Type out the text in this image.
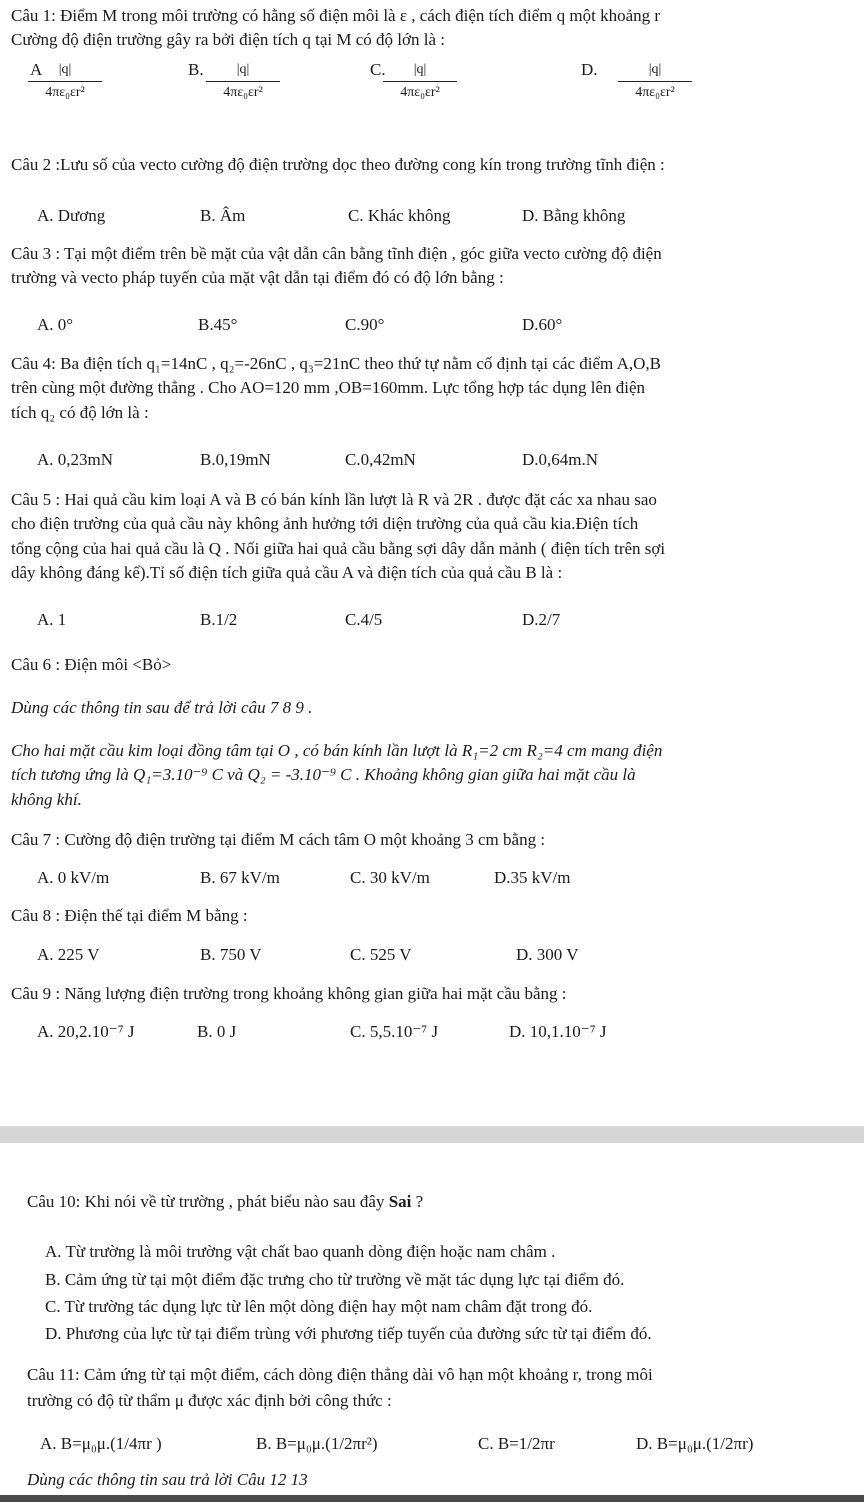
Câu 1: Điểm M trong môi trường có hằng số điện môi là ε , cách điện tích điểm q một khoảng r
Cường độ điện trường gây ra bởi điện tích q tại M có độ lớn là :
A
$\frac{|q|}{\text{4πε₀εr²}}$	B.
$\frac{|q|}{\text{4πε₀εr²}}$	C.
$\frac{|q|}{\text{4πε₀εr²}}$	D. $\frac{|q|}{\text{4πε₀εr²}}$
Câu 2 :Lưu số của vecto cường độ điện trường dọc theo đường cong kín trong trường tĩnh điện :
A. Dương	B. Âm	C. Khác không	D. Bằng không
Câu 3 : Tại một điểm trên bề mặt của vật dẫn cân bằng tĩnh điện , góc giữa vecto cường độ điện
trường và vecto pháp tuyến của mặt vật dẫn tại điểm đó có độ lớn bằng :
A. 0°	B.45°	C.90°	D.60°
Câu 4: Ba điện tích q₁=14nC , q₂=-26nC , q₃=21nC theo thứ tự nằm cố định tại các điểm A,O,B
trên cùng một đường thẳng . Cho AO=120 mm ,OB=160mm. Lực tổng hợp tác dụng lên điện
tích q₂ có độ lớn là :
A. 0,23mN	B.0,19mN	C.0,42mN	D.0,64m.N
Câu 5 : Hai quả cầu kim loại A và B có bán kính lần lượt là R và 2R . được đặt các xa nhau sao
cho điện trường của quả cầu này không ảnh hưởng tới diện trường của quả cầu kia.Điện tích
tổng cộng của hai quả cầu là Q . Nối giữa hai quả cầu bằng sợi dây dẫn mảnh ( điện tích trên sợi
dây không đáng kể).Tỉ số điện tích giữa quả cầu A và điện tích của quả cầu B là :
A. 1	B.1/2	C.4/5	D.2/7
Câu 6 : Điện môi <Bỏ>
Dùng các thông tin sau để trả lời câu 7 8 9 .
Cho hai mặt cầu kim loại đồng tâm tại O , có bán kính lần lượt là R₁=2 cm R₂=4 cm mang điện
tích tương ứng là Q₁=3.10⁻⁹ C và Q₂ = -3.10⁻⁹ C . Khoảng không gian giữa hai mặt cầu là
không khí.
Câu 7 : Cường độ điện trường tại điểm M cách tâm O một khoảng 3 cm bằng :
A. 0 kV/m	B. 67 kV/m	C. 30 kV/m	D.35 kV/m
Câu 8 : Điện thế tại điểm M bằng :
A. 225 V	B. 750 V	C. 525 V	D. 300 V
Câu 9 : Năng lượng điện trường trong khoảng không gian giữa hai mặt cầu bằng :
A. 20,2.10⁻⁷ J	B. 0 J	C. 5,5.10⁻⁷ J	D. 10,1.10⁻⁷ J
Câu 10: Khi nói về từ trường , phát biểu nào sau đây Sai ?
A. Từ trường là môi trường vật chất bao quanh dòng điện hoặc nam châm .
B. Cảm ứng từ tại một điểm đặc trưng cho từ trường về mặt tác dụng lực tại điểm đó.
C. Từ trường tác dụng lực từ lên một dòng điện hay một nam châm đặt trong đó.
D. Phương của lực từ tại điểm trùng với phương tiếp tuyến của đường sức từ tại điểm đó.
Câu 11: Cảm ứng từ tại một điểm, cách dòng điện thẳng dài vô hạn một khoảng r, trong môi
trường có độ từ thẩm μ được xác định bởi công thức :
A. B=μ₀μ.(1/4πr )	B. B=μ₀μ.(1/2πr²)	C. B=1/2πr	D. B=μ₀μ.(1/2πr)
Dùng các thông tin sau trả lời Câu 12 13
